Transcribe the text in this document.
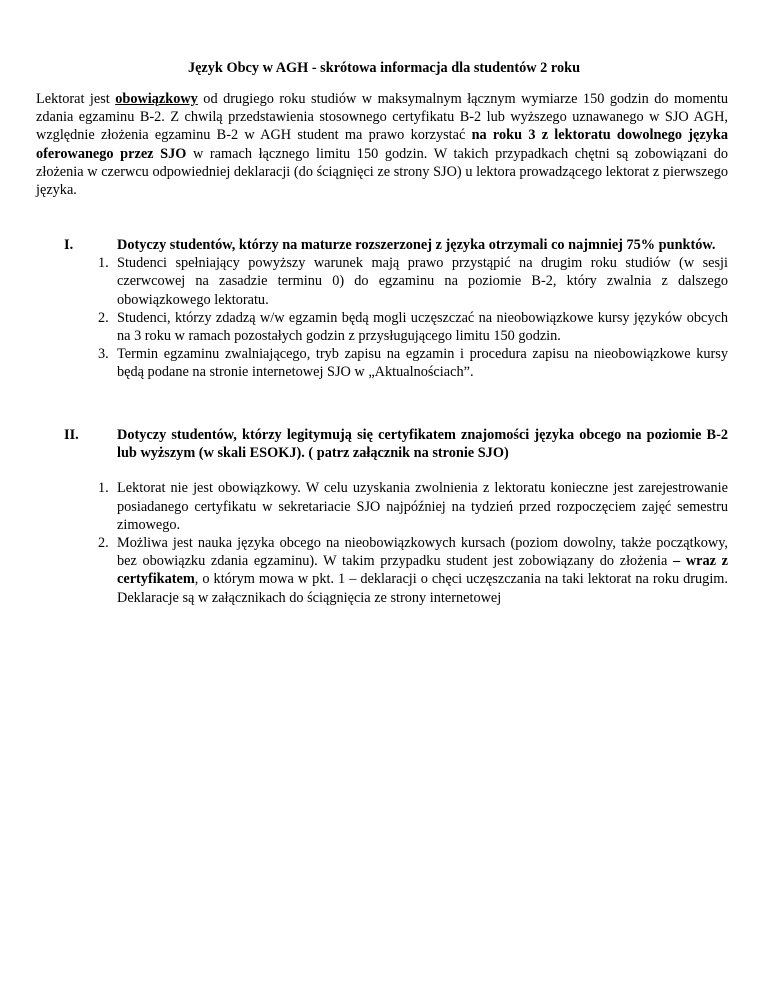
Język Obcy w AGH - skrótowa informacja dla studentów 2 roku
Lektorat jest obowiązkowy od drugiego roku studiów w maksymalnym łącznym wymiarze 150 godzin do momentu zdania egzaminu B-2. Z chwilą przedstawienia stosownego certyfikatu B-2 lub wyższego uznawanego w SJO AGH, względnie złożenia egzaminu B-2 w AGH student ma prawo korzystać na roku 3 z lektoratu dowolnego języka oferowanego przez SJO w ramach łącznego limitu 150 godzin. W takich przypadkach chętni są zobowiązani do złożenia w czerwcu odpowiedniej deklaracji (do ściągnięci ze strony SJO) u lektora prowadzącego lektorat z pierwszego języka.
I.	Dotyczy studentów, którzy na maturze rozszerzonej z języka otrzymali co najmniej 75% punktów.
1. Studenci spełniający powyższy warunek mają prawo przystąpić na drugim roku studiów (w sesji czerwcowej na zasadzie terminu 0) do egzaminu na poziomie B-2, który zwalnia z dalszego obowiązkowego lektoratu.
2. Studenci, którzy zdadzą w/w egzamin będą mogli uczęszczać na nieobowiązkowe kursy języków obcych na 3 roku w ramach pozostałych godzin z przysługującego limitu 150 godzin.
3. Termin egzaminu zwalniającego, tryb zapisu na egzamin i procedura zapisu na nieobowiązkowe kursy będą podane na stronie internetowej SJO w „Aktualnościach”.
II.	Dotyczy studentów, którzy legitymują się certyfikatem znajomości języka obcego na poziomie B-2 lub wyższym (w skali ESOKJ). ( patrz załącznik na stronie SJO)
1. Lektorat nie jest obowiązkowy. W celu uzyskania zwolnienia z lektoratu konieczne jest zarejestrowanie posiadanego certyfikatu w sekretariacie SJO najpóźniej na tydzień przed rozpoczęciem zajęć semestru zimowego.
2. Możliwa jest nauka języka obcego na nieobowiązkowych kursach (poziom dowolny, także początkowy, bez obowiązku zdania egzaminu). W takim przypadku student jest zobowiązany do złożenia – wraz z certyfikatem, o którym mowa w pkt. 1 – deklaracji o chęci uczęszczania na taki lektorat na roku drugim. Deklaracje są w załącznikach do ściągnięcia ze strony internetowej
